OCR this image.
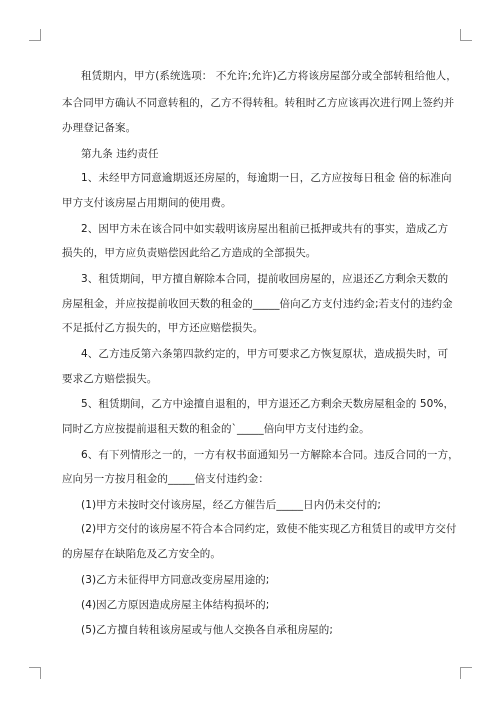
租赁期内，甲方(系统选项： 不允许;允许)乙方将该房屋部分或全部转租给他人，
本合同甲方确认不同意转租的，乙方不得转租。转租时乙方应该再次进行网上签约并
办理登记备案。
第九条 违约责任
1、未经甲方同意逾期返还房屋的，每逾期一日，乙方应按每日租金 倍的标准向
甲方支付该房屋占用期间的使用费。
2、因甲方未在该合同中如实载明该房屋出租前已抵押或共有的事实，造成乙方
损失的，甲方应负责赔偿因此给乙方造成的全部损失。
3、租赁期间，甲方擅自解除本合同，提前收回房屋的，应退还乙方剩余天数的
房屋租金，并应按提前收回天数的租金的_____倍向乙方支付违约金;若支付的违约金
不足抵付乙方损失的，甲方还应赔偿损失。
4、乙方违反第六条第四款约定的，甲方可要求乙方恢复原状，造成损失时，可
要求乙方赔偿损失。
5、租赁期间，乙方中途擅自退租的，甲方退还乙方剩余天数房屋租金的 50%，
同时乙方应按提前退租天数的租金的`_____倍向甲方支付违约金。
6、有下列情形之一的，一方有权书面通知另一方解除本合同。违反合同的一方，
应向另一方按月租金的_____倍支付违约金：
(1)甲方未按时交付该房屋，经乙方催告后_____日内仍未交付的;
(2)甲方交付的该房屋不符合本合同约定，致使不能实现乙方租赁目的或甲方交付
的房屋存在缺陷危及乙方安全的。
(3)乙方未征得甲方同意改变房屋用途的;
(4)因乙方原因造成房屋主体结构损坏的;
(5)乙方擅自转租该房屋或与他人交换各自承租房屋的;
